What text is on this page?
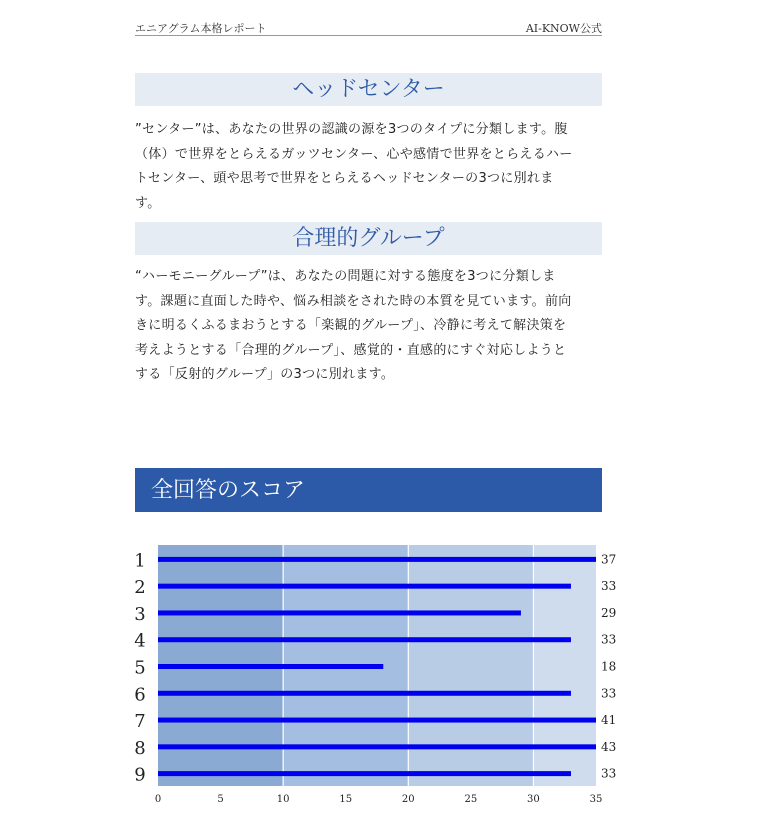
エニアグラム本格レポート	AI-KNOW公式
ヘッドセンター
”センター”は、あなたの世界の認識の源を3つのタイプに分類します。腹
（体）で世界をとらえるガッツセンター、心や感情で世界をとらえるハー
トセンター、頭や思考で世界をとらえるヘッドセンターの3つに別れま
す。
合理的グループ
“ハーモニーグループ”は、あなたの問題に対する態度を3つに分類しま
す。課題に直面した時や、悩み相談をされた時の本質を見ています。前向
きに明るくふるまおうとする「楽観的グループ」、冷静に考えて解決策を
考えようとする「合理的グループ」、感覚的・直感的にすぐ対応しようと
する「反射的グループ」の3つに別れます。
全回答のスコア
1	37
2	33
3	29
4	33
5	18
6	33
7	41
8	43
9	33
0	5	10	15	20	25	30	35
